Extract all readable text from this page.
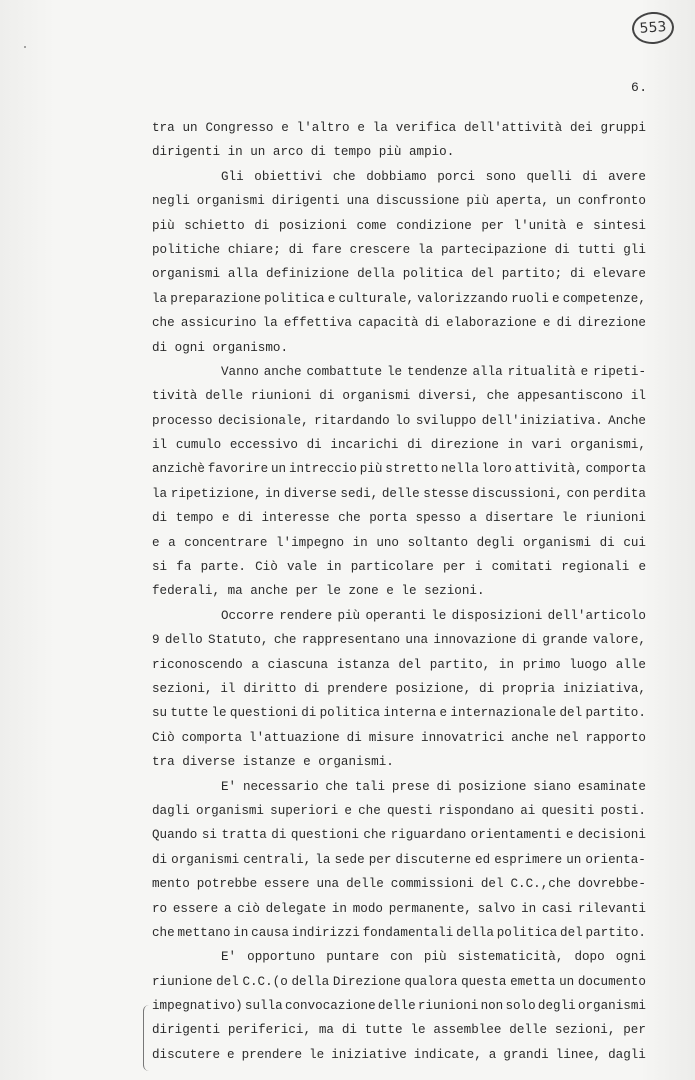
553
6.
tra un Congresso e l'altro e la verifica dell'attività dei gruppi
dirigenti in un arco di tempo più ampio.
Gli obiettivi che dobbiamo porci sono quelli di avere
negli organismi dirigenti una discussione più aperta, un confronto
più schietto di posizioni come condizione per l'unità e sintesi
politiche chiare; di fare crescere la partecipazione di tutti gli
organismi alla definizione della politica del partito; di elevare
la preparazione politica e culturale, valorizzando ruoli e competenze,
che assicurino la effettiva capacità di elaborazione e di direzione
di ogni organismo.
Vanno anche combattute le tendenze alla ritualità e ripeti-
tività delle riunioni di organismi diversi, che appesantiscono il
processo decisionale, ritardando lo sviluppo dell'iniziativa. Anche
il cumulo eccessivo di incarichi di direzione in vari organismi,
anzichè favorire un intreccio più stretto nella loro attività, comporta
la ripetizione, in diverse sedi, delle stesse discussioni, con perdita
di tempo e di interesse che porta spesso a disertare le riunioni
e a concentrare l'impegno in uno soltanto degli organismi di cui
si fa parte. Ciò vale in particolare per i comitati regionali e
federali, ma anche per le zone e le sezioni.
Occorre rendere più operanti le disposizioni dell'articolo
9 dello Statuto, che rappresentano una innovazione di grande valore,
riconoscendo a ciascuna istanza del partito, in primo luogo alle
sezioni, il diritto di prendere posizione, di propria iniziativa,
su tutte le questioni di politica interna e internazionale del partito.
Ciò comporta l'attuazione di misure innovatrici anche nel rapporto
tra diverse istanze e organismi.
E' necessario che tali prese di posizione siano esaminate
dagli organismi superiori e che questi rispondano ai quesiti posti.
Quando si tratta di questioni che riguardano orientamenti e decisioni
di organismi centrali, la sede per discuterne ed esprimere un orienta-
mento potrebbe essere una delle commissioni del C.C.,che dovrebbe-
ro essere a ciò delegate in modo permanente, salvo in casi rilevanti
che mettano in causa indirizzi fondamentali della politica del partito.
E' opportuno puntare con più sistematicità, dopo ogni
riunione del C.C.(o della Direzione qualora questa emetta un documento
impegnativo) sulla convocazione delle riunioni non solo degli organismi
dirigenti periferici, ma di tutte le assemblee delle sezioni, per
discutere e prendere le iniziative indicate, a grandi linee, dagli
